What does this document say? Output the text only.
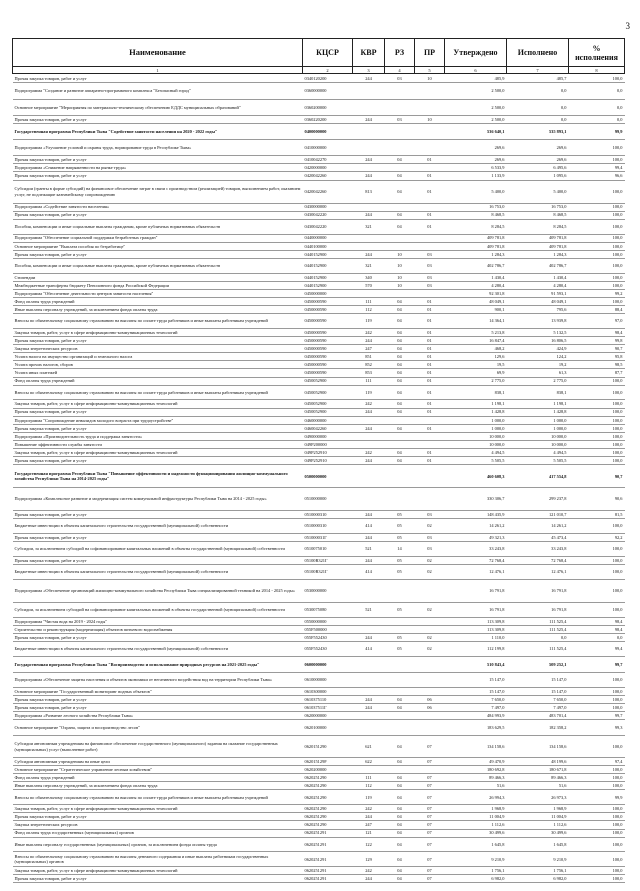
3
Наименование	КЦСР	КВР	РЗ	ПР	Утверждено	Исполнено	% исполнения
1	2	3	4	5	6	7	8
Прочая закупка товаров, работ и услуг	0340120200	244	03	10	485,9	485,7	100,0
Подпрограмма "Создание и развитие аппаратно-программного комплекса "Безопасный город"	0360000000				2 500,0	0,0	0,0
Основное мероприятие "Мероприятия по материально-техническому обеспечению ЕДДС муниципальных образований"	0360200000				2 500,0	0,0	0,0
Прочая закупка товаров, работ и услуг	0360220200	244	03	10	2 500,0	0,0	0,0
Государственная программа Республики Тыва "Содействие занятости населения на 2020 - 2022 годы"	0400000000				536 640,1	535 893,1	99,9
Подпрограмма «Улучшение условий и охраны труда, нормирование труда в Республике Тыва»	0410000000				269,6	269,6	100,0
Прочая закупка товаров, работ и услуг	0410042270	244	04	01	269,6	269,6	100,0
Подпрограмма «Снижение напряженности на рынке труда»	0420000000				6 533,9	6 495,6	99,4
Прочая закупка товаров, работ и услуг	0420042260	244	04	01	1 133,9	1 095,6	96,6
Субсидии (гранты в форме субсидий) на финансовое обеспечение затрат в связи с производством (реализацией) товаров, выполнением работ, оказанием услуг, не подлежащие казначейскому сопровождению	0420042260	813	04	01	5 400,0	5 400,0	100,0
Подпрограмма «Содействие занятости населения»	0430000000				16 753,0	16 753,0	100,0
Прочая закупка товаров, работ и услуг	0430042220	244	04	01	8 468,5	8 468,5	100,0
Пособия, компенсации и иные социальные выплаты гражданам, кроме публичных нормативных обязательств	0430042220	321	04	01	8 284,5	8 284,5	100,0
Подпрограмма "Обеспечение социальной поддержки безработных граждан"	0440000000				409 781,8	409 781,8	100,0
Основное мероприятие "Выплата пособия по безработице"	0440100000				409 781,8	409 781,8	100,0
Прочая закупка товаров, работ и услуг	0440152900	244	10	03	1 284,3	1 284,3	100,0
Пособия, компенсации и иные социальные выплаты гражданам, кроме публичных нормативных обязательств	0440152900	321	10	03	402 786,7	402 786,7	100,0
Стипендии	0440152900	340	10	03	1 430,4	1 430,4	100,0
Межбюджетные трансферты бюджету Пенсионного фонда Российской Федерации	0440152900	570	10	03	4 280,4	4 280,4	100,0
Подпрограмма "Обеспечение деятельности центров занятости населения"	0450000000				92 301,8	91 593,1	99,2
Фонд оплаты труда учреждений	0450000590	111	04	01	48 049,1	48 049,1	100,0
Иные выплаты персоналу учреждений, за исключением фонда оплаты труда	0450000590	112	04	01	900,1	795,6	88,4
Взносы по обязательному социальному страхованию на выплаты по оплате труда работников и иные выплаты работникам учреждений	0450000590	119	04	01	14 364,1	13 939,8	97,0
Закупка товаров, работ, услуг в сфере информационно-коммуникационных технологий	0450000590	242	04	01	5 213,8	5 132,5	98,4
Прочая закупка товаров, работ и услуг	0450000590	244	04	01	16 847,4	16 806,5	99,8
Закупка энергетических ресурсов	0450000590	247	04	01	468,2	424,9	90,7
Уплата налога на имущество организаций и земельного налога	0450000590	851	04	01	129,6	124,2	95,8
Уплата прочих налогов, сборов	0450000590	852	04	01	19,5	19,2	98,5
Уплата иных платежей	0450000590	853	04	01	69,9	61,3	87,7
Фонд оплаты труда учреждений	0450052900	111	04	01	2 775,0	2 775,0	100,0
Взносы по обязательному социальному страхованию на выплаты по оплате труда работников и иные выплаты работникам учреждений	0450052900	119	04	01	838,1	838,1	100,0
Закупка товаров, работ, услуг в сфере информационно-коммуникационных технологий	0450052900	242	04	01	1 198,1	1 198,1	100,0
Прочая закупка товаров, работ и услуг	0450052900	244	04	01	1 428,8	1 428,8	100,0
Подпрограмма "Сопровождение инвалидов молодого возраста при трудоустройстве"	0460000000				1 000,0	1 000,0	100,0
Прочая закупка товаров, работ и услуг	0460042260	244	04	01	1 000,0	1 000,0	100,0
Подпрограмма «Производительность труда и поддержка занятости»	0490000000				10 000,0	10 000,0	100,0
Повышение эффективности службы занятости	049P200000				10 000,0	10 000,0	100,0
Закупка товаров, работ, услуг в сфере информационно-коммуникационных технологий	049P252910	242	04	01	4 494,5	4 494,5	100,0
Прочая закупка товаров, работ и услуг	049P252910	244	04	01	5 505,5	5 505,5	100,0
Государственная программа Республики Тыва "Повышение эффективности и надежности функционирования жилищно-коммунального хозяйства Республики Тыва на 2014-2025 годы"	0500000000				460 608,3	417 554,8	90,7
Подпрограмма «Комплексное развитие и модернизация систем коммунальной инфраструктуры Республики Тыва на 2014 - 2025 годы»	0510000000				330 306,7	299 237,8	90,6
Прочая закупка товаров, работ и услуг	0510000310	244	05	03	148 435,9	121 010,7	81,5
Бюджетные инвестиции в объекты капитального строительства государственной (муниципальной) собственности	0510000310	414	05	02	14 261,2	14 261,2	100,0
Прочая закупка товаров, работ и услуг	051000031Г	244	05	03	49 321,3	45 473,4	92,2
Субсидии, за исключением субсидий на софинансирование капитальных вложений в объекты государственной (муниципальной) собственности	0510075010	521	14	03	33 243,8	33 243,8	100,0
Прочая закупка товаров, работ и услуг	05100R321Г	244	05	02	72 768,4	72 768,4	100,0
Бюджетные инвестиции в объекты капитального строительства государственной (муниципальной) собственности	05100R321Г	414	05	02	12 476,1	12 476,1	100,0
Подпрограмма «Обеспечение организаций жилищно-коммунального хозяйства Республики Тыва специализированной техникой на 2014 - 2025 годы»	0530000000				16 791,8	16 791,8	100,0
Субсидии, за исключением субсидий на софинансирование капитальных вложений в объекты государственной (муниципальной) собственности	0530075080	521	05	02	16 791,8	16 791,8	100,0
Подпрограмма "Чистая вода на 2019 - 2024 годы"	0550000000				113 309,8	111 525,4	98,4
Строительство и реконструкция (модернизация) объектов питьевого водоснабжения	055F500000				113 309,8	111 525,4	98,4
Прочая закупка товаров, работ и услуг	055F552430	244	05	02	1 110,0	0,0	0,0
Бюджетные инвестиции в объекты капитального строительства государственной (муниципальной) собственности	055F552430	414	05	02	112 199,8	111 525,4	99,4
Государственная программа Республики Тыва "Воспроизводство и использование природных ресурсов на 2021-2025 годы"	0600000000				510 843,4	509 252,1	99,7
Подпрограмма «Обеспечение защиты населения и объектов экономики от негативного воздействия вод на территории Республики Тыва»	0610000000				15 147,0	15 147,0	100,0
Основное мероприятие "Государственный мониторинг водных объектов"	0610300000				15 147,0	15 147,0	100,0
Прочая закупка товаров, работ и услуг	0610375110	244	04	06	7 650,0	7 650,0	100,0
Прочая закупка товаров, работ и услуг	061037511Г	244	04	06	7 497,0	7 497,0	100,0
Подпрограмма «Развитие лесного хозяйства Республики Тыва»	0620000000				484 993,9	483 701,4	99,7
Основное мероприятие "Охрана, защита и воспроизводство лесов"	0620100000				183 629,5	182 358,2	99,3
Субсидии автономным учреждениям на финансовое обеспечение государственного (муниципального) задания на оказание государственных (муниципальных) услуг (выполнение работ)	0620151290	621	04	07	134 158,6	134 158,6	100,0
Субсидии автономным учреждениям на иные цели	062015129F	622	04	07	49 470,9	48 199,6	97,4
Основное мероприятие "Стратегическое управление лесным хозяйством"	0620200000				180 692,8	180 671,8	100,0
Фонд оплаты труда учреждений	0620251290	111	04	07	89 466,3	89 466,3	100,0
Иные выплаты персоналу учреждений, за исключением фонда оплаты труда	0620251290	112	04	07	51,6	51,6	100,0
Взносы по обязательному социальному страхованию на выплаты по оплате труда работников и иные выплаты работникам учреждений	0620251290	119	04	07	26 994,3	26 973,3	99,9
Закупка товаров, работ, услуг в сфере информационно-коммуникационных технологий	0620251290	242	04	07	1 968,9	1 968,9	100,0
Прочая закупка товаров, работ и услуг	0620251290	244	04	07	11 004,9	11 004,9	100,0
Закупка энергетических ресурсов	0620251290	247	04	07	1 112,6	1 112,6	100,0
Фонд оплаты труда государственных (муниципальных) органов	0620251291	121	04	07	30 499,6	30 499,6	100,0
Иные выплаты персоналу государственных (муниципальных) органов, за исключением фонда оплаты труда	0620251291	122	04	07	1 645,8	1 645,8	100,0
Взносы по обязательному социальному страхованию на выплаты денежного содержания и иные выплаты работникам государственных (муниципальных) органов	0620251291	129	04	07	9 210,9	9 210,9	100,0
Закупка товаров, работ, услуг в сфере информационно-коммуникационных технологий	0620251291	242	04	07	1 756,1	1 756,1	100,0
Прочая закупка товаров, работ и услуг	0620251291	244	04	07	6 982,0	6 982,0	100,0
